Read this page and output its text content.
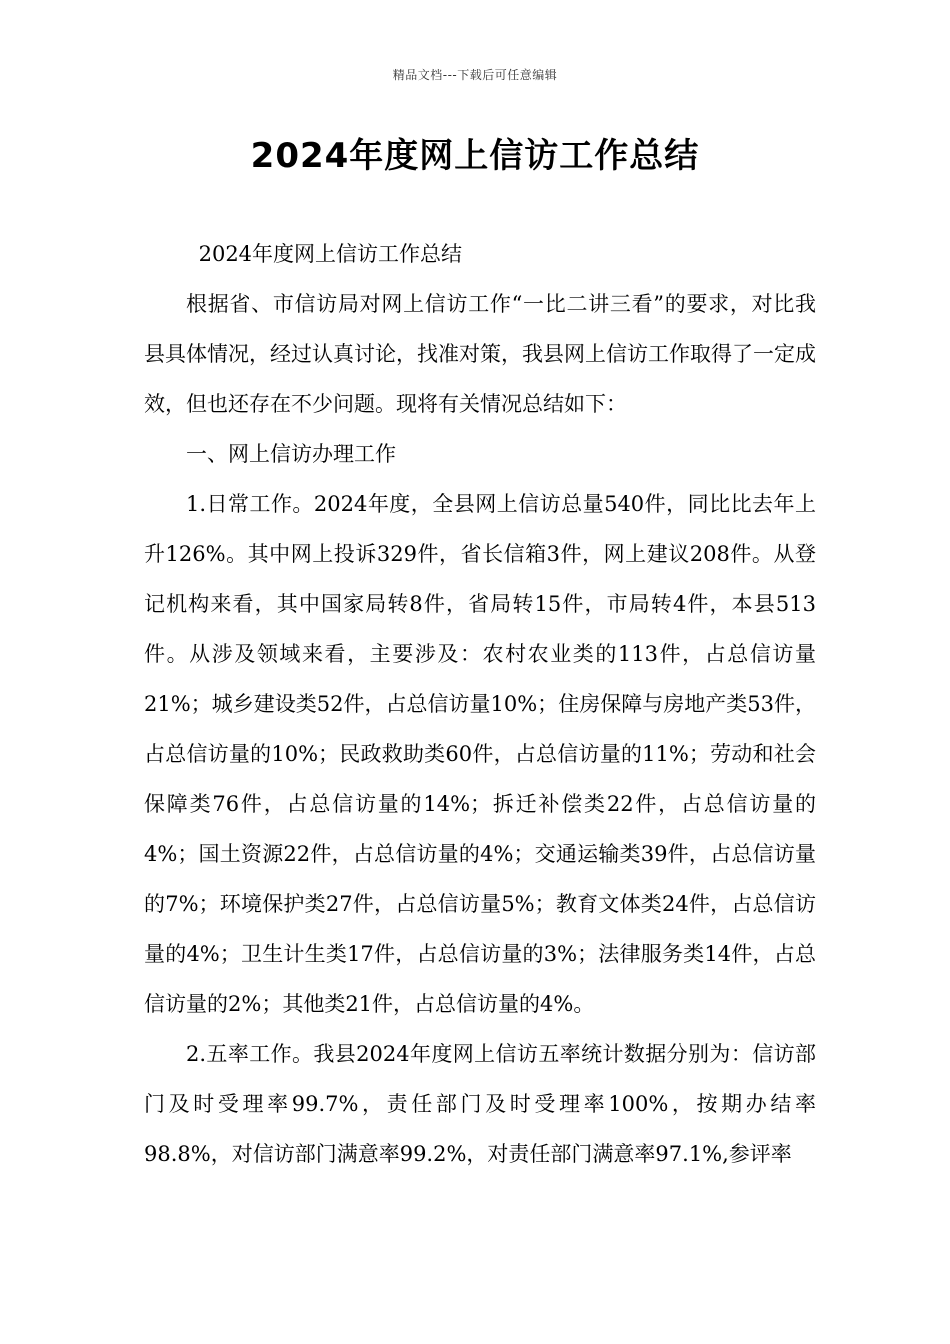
精品文档---下载后可任意编辑
2024年度网上信访工作总结

2024年度网上信访工作总结

根据省、市信访局对网上信访工作“一比二讲三看”的要求，对比我县具体情况，经过认真讨论，找准对策，我县网上信访工作取得了一定成效，但也还存在不少问题。现将有关情况总结如下：

一、网上信访办理工作

1.日常工作。2024年度，全县网上信访总量540件，同比比去年上升126%。其中网上投诉329件，省长信箱3件，网上建议208件。从登记机构来看，其中国家局转8件，省局转15件，市局转4件，本县513件。从涉及领域来看，主要涉及：农村农业类的113件，占总信访量21%；城乡建设类52件，占总信访量10%；住房保障与房地产类53件，占总信访量的10%；民政救助类60件，占总信访量的11%；劳动和社会保障类76件，占总信访量的14%；拆迁补偿类22件，占总信访量的4%；国土资源22件，占总信访量的4%；交通运输类39件，占总信访量的7%；环境保护类27件，占总信访量5%；教育文体类24件，占总信访量的4%；卫生计生类17件，占总信访量的3%；法律服务类14件，占总信访量的2%；其他类21件，占总信访量的4%。

2.五率工作。我县2024年度网上信访五率统计数据分别为：信访部门及时受理率99.7%，责任部门及时受理率100%，按期办结率98.8%，对信访部门满意率99.2%，对责任部门满意率97.1%,参评率
